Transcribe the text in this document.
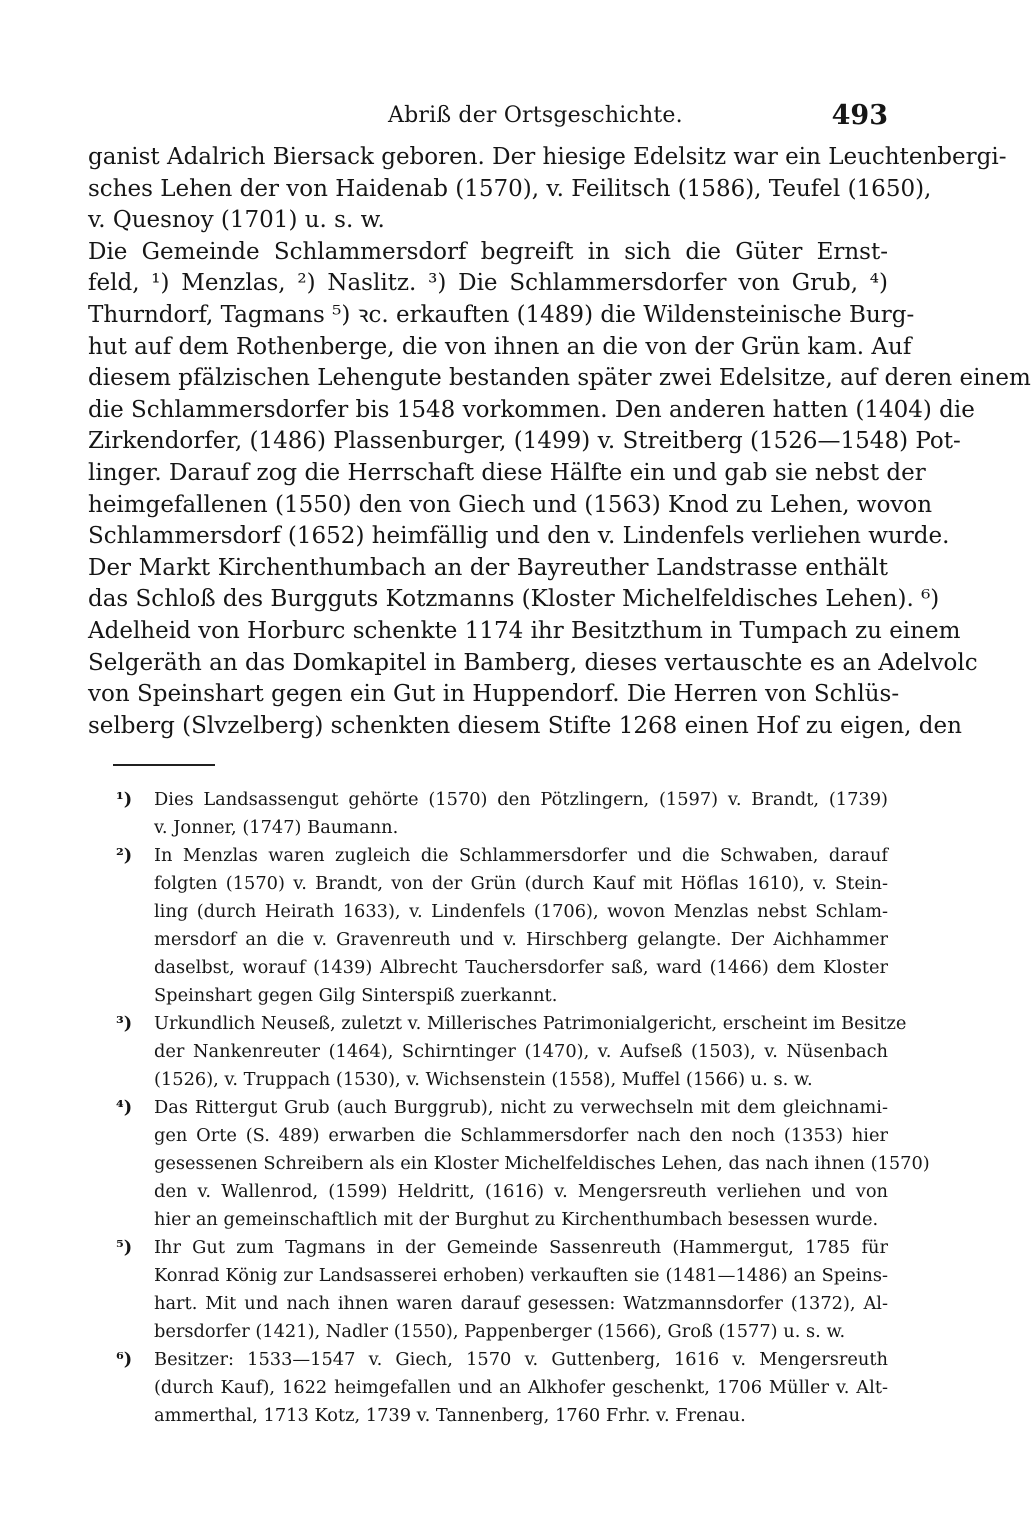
Abriß der Ortsgeschichte.	493
ganist Adalrich Biersack geboren. Der hiesige Edelsitz war ein Leuchtenbergi-
sches Lehen der von Haidenab (1570), v. Feilitsch (1586), Teufel (1650),
v. Quesnoy (1701) u. s. w.
Die Gemeinde Schlammersdorf begreift in sich die Güter Ernst-
feld, ¹) Menzlas, ²) Naslitz. ³) Die Schlammersdorfer von Grub, ⁴)
Thurndorf, Tagmans ⁵) ꝛc. erkauften (1489) die Wildensteinische Burg-
hut auf dem Rothenberge, die von ihnen an die von der Grün kam. Auf
diesem pfälzischen Lehengute bestanden später zwei Edelsitze, auf deren einem
die Schlammersdorfer bis 1548 vorkommen. Den anderen hatten (1404) die
Zirkendorfer, (1486) Plassenburger, (1499) v. Streitberg (1526—1548) Pot-
linger. Darauf zog die Herrschaft diese Hälfte ein und gab sie nebst der
heimgefallenen (1550) den von Giech und (1563) Knod zu Lehen, wovon
Schlammersdorf (1652) heimfällig und den v. Lindenfels verliehen wurde.
Der Markt Kirchenthumbach an der Bayreuther Landstrasse enthält
das Schloß des Burgguts Kotzmanns (Kloster Michelfeldisches Lehen). ⁶)
Adelheid von Horburc schenkte 1174 ihr Besitzthum in Tumpach zu einem
Selgeräth an das Domkapitel in Bamberg, dieses vertauschte es an Adelvolc
von Speinshart gegen ein Gut in Huppendorf. Die Herren von Schlüs-
selberg (Slvzelberg) schenkten diesem Stifte 1268 einen Hof zu eigen, den
¹) Dies Landsassengut gehörte (1570) den Pötzlingern, (1597) v. Brandt, (1739)
v. Jonner, (1747) Baumann.
²) In Menzlas waren zugleich die Schlammersdorfer und die Schwaben, darauf
folgten (1570) v. Brandt, von der Grün (durch Kauf mit Höflas 1610), v. Stein-
ling (durch Heirath 1633), v. Lindenfels (1706), wovon Menzlas nebst Schlam-
mersdorf an die v. Gravenreuth und v. Hirschberg gelangte. Der Aichhammer
daselbst, worauf (1439) Albrecht Tauchersdorfer saß, ward (1466) dem Kloster
Speinshart gegen Gilg Sinterspiß zuerkannt.
³) Urkundlich Neuseß, zuletzt v. Millerisches Patrimonialgericht, erscheint im Besitze
der Nankenreuter (1464), Schirntinger (1470), v. Aufseß (1503), v. Nüsenbach
(1526), v. Truppach (1530), v. Wichsenstein (1558), Muffel (1566) u. s. w.
⁴) Das Rittergut Grub (auch Burggrub), nicht zu verwechseln mit dem gleichnami-
gen Orte (S. 489) erwarben die Schlammersdorfer nach den noch (1353) hier
gesessenen Schreibern als ein Kloster Michelfeldisches Lehen, das nach ihnen (1570)
den v. Wallenrod, (1599) Heldritt, (1616) v. Mengersreuth verliehen und von
hier an gemeinschaftlich mit der Burghut zu Kirchenthumbach besessen wurde.
⁵) Ihr Gut zum Tagmans in der Gemeinde Sassenreuth (Hammergut, 1785 für
Konrad König zur Landsasserei erhoben) verkauften sie (1481—1486) an Speins-
hart. Mit und nach ihnen waren darauf gesessen: Watzmannsdorfer (1372), Al-
bersdorfer (1421), Nadler (1550), Pappenberger (1566), Groß (1577) u. s. w.
⁶) Besitzer: 1533—1547 v. Giech, 1570 v. Guttenberg, 1616 v. Mengersreuth
(durch Kauf), 1622 heimgefallen und an Alkhofer geschenkt, 1706 Müller v. Alt-
ammerthal, 1713 Kotz, 1739 v. Tannenberg, 1760 Frhr. v. Frenau.
